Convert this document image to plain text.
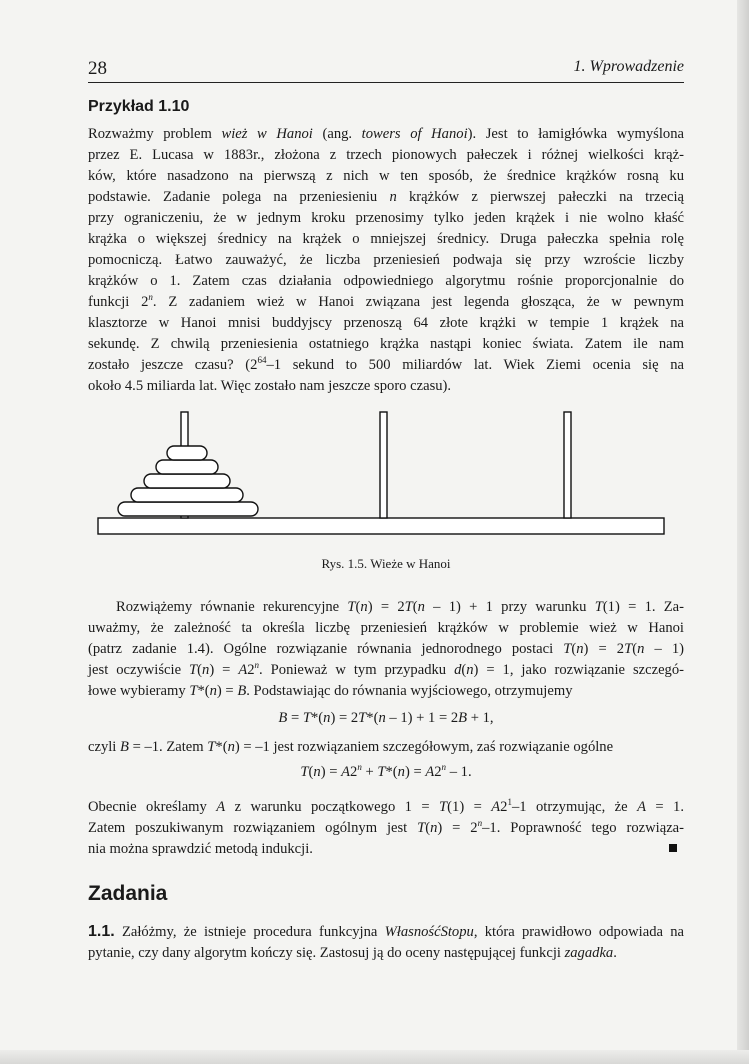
28	1. Wprowadzenie
Przykład 1.10

Rozważmy problem wież w Hanoi (ang. towers of Hanoi). Jest to łamigłówka wymyślona
przez E. Lucasa w 1883r., złożona z trzech pionowych pałeczek i różnej wielkości krąż-
ków, które nasadzono na pierwszą z nich w ten sposób, że średnice krążków rosną ku
podstawie. Zadanie polega na przeniesieniu n krążków z pierwszej pałeczki na trzecią
przy ograniczeniu, że w jednym kroku przenosimy tylko jeden krążek i nie wolno kłaść
krążka o większej średnicy na krążek o mniejszej średnicy. Druga pałeczka spełnia rolę
pomocniczą. Łatwo zauważyć, że liczba przeniesień podwaja się przy wzroście liczby
krążków o 1. Zatem czas działania odpowiedniego algorytmu rośnie proporcjonalnie do
funkcji 2$^n$. Z zadaniem wież w Hanoi związana jest legenda głosząca, że w pewnym
klasztorze w Hanoi mnisi buddyjscy przenoszą 64 złote krążki w tempie 1 krążek na
sekundę. Z chwilą przeniesienia ostatniego krążka nastąpi koniec świata. Zatem ile nam
zostało jeszcze czasu? ($2^{64}-1$ sekund to 500 miliardów lat. Wiek Ziemi ocenia się na
około 4.5 miliarda lat. Więc zostało nam jeszcze sporo czasu).

Rys. 1.5. Wieże w Hanoi

Rozwiążemy równanie rekurencyjne T(n) = 2T(n – 1) + 1 przy warunku T(1) = 1. Za-
uważmy, że zależność ta określa liczbę przeniesień krążków w problemie wież w Hanoi
(patrz zadanie 1.4). Ogólne rozwiązanie równania jednorodnego postaci T(n) = 2T(n – 1)
jest oczywiście $T(n) = A2^n$. Ponieważ w tym przypadku d(n) = 1, jako rozwiązanie szczegó-
łowe wybieramy T*(n) = B. Podstawiając do równania wyjściowego, otrzymujemy

B = T*(n) = 2T*(n – 1) + 1 = 2B + 1,

czyli B = –1. Zatem T*(n) = –1 jest rozwiązaniem szczegółowym, zaś rozwiązanie ogólne

$T(n) = A2^n + T*(n) = A2^n - 1$.

Obecnie określamy A z warunku początkowego $1 = T(1) = A2^1-1$ otrzymując, że A = 1.
Zatem poszukiwanym rozwiązaniem ogólnym jest $T(n) = 2^n-1$. Poprawność tego rozwiąza-
nia można sprawdzić metodą indukcji.

Zadania

1.1. Załóżmy, że istnieje procedura funkcyjna WłasnośćStopu, która prawidłowo odpowiada na
pytanie, czy dany algorytm kończy się. Zastosuj ją do oceny następującej funkcji zagadka.
